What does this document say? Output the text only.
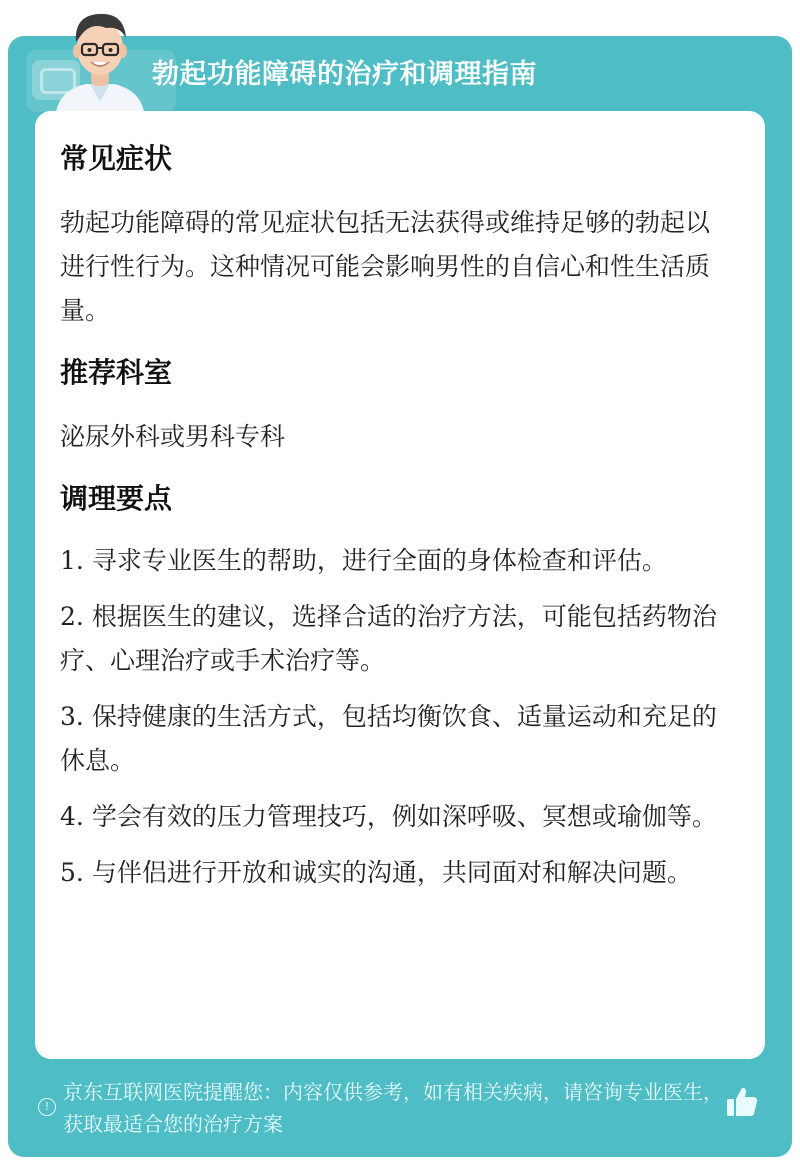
勃起功能障碍的治疗和调理指南
常见症状

勃起功能障碍的常见症状包括无法获得或维持足够的勃起以进行性行为。这种情况可能会影响男性的自信心和性生活质量。

推荐科室

泌尿外科或男科专科

调理要点
1. 寻求专业医生的帮助，进行全面的身体检查和评估。
2. 根据医生的建议，选择合适的治疗方法，可能包括药物治疗、心理治疗或手术治疗等。
3. 保持健康的生活方式，包括均衡饮食、适量运动和充足的休息。
4. 学会有效的压力管理技巧，例如深呼吸、冥想或瑜伽等。
5. 与伴侣进行开放和诚实的沟通，共同面对和解决问题。
!
京东互联网医院提醒您：内容仅供参考，如有相关疾病，请咨询专业医生，获取最适合您的治疗方案
